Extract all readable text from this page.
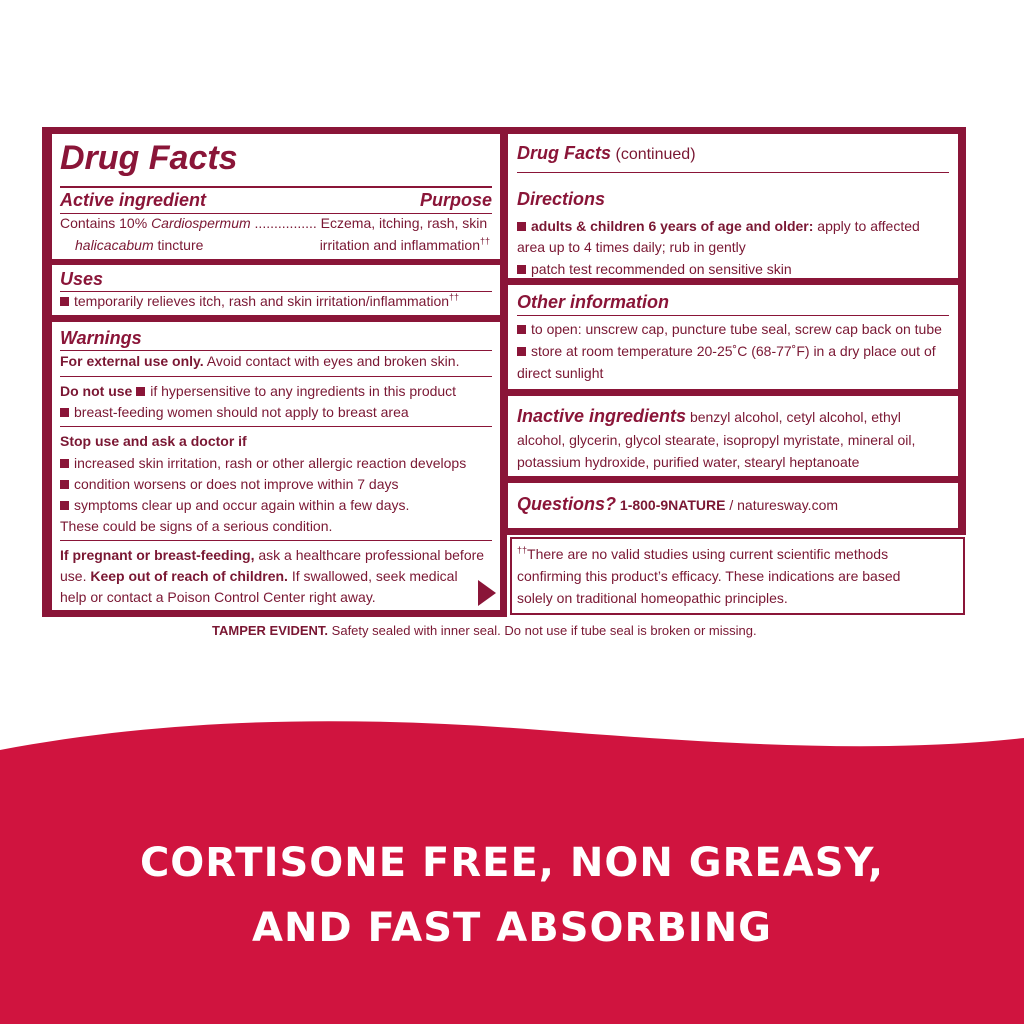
Drug Facts
Active ingredient	Purpose
Contains 10% Cardiospermum ................ Eczema, itching, rash, skin
halicacabum tincture	irritation and inflammation††
Uses
temporarily relieves itch, rash and skin irritation/inflammation††
Warnings
For external use only. Avoid contact with eyes and broken skin.
Do not use if hypersensitive to any ingredients in this product
breast-feeding women should not apply to breast area
Stop use and ask a doctor if
increased skin irritation, rash or other allergic reaction develops
condition worsens or does not improve within 7 days
symptoms clear up and occur again within a few days.
These could be signs of a serious condition.
If pregnant or breast-feeding, ask a healthcare professional before
use. Keep out of reach of children. If swallowed, seek medical
help or contact a Poison Control Center right away.
Drug Facts (continued)
Directions
adults & children 6 years of age and older: apply to affected
area up to 4 times daily; rub in gently
patch test recommended on sensitive skin
Other information
to open: unscrew cap, puncture tube seal, screw cap back on tube
store at room temperature 20-25˚C (68-77˚F) in a dry place out of
direct sunlight
Inactive ingredients benzyl alcohol, cetyl alcohol, ethyl
alcohol, glycerin, glycol stearate, isopropyl myristate, mineral oil,
potassium hydroxide, purified water, stearyl heptanoate
Questions? 1-800-9NATURE / naturesway.com
††There are no valid studies using current scientific methods
confirming this product’s efficacy. These indications are based
solely on traditional homeopathic principles.
TAMPER EVIDENT. Safety sealed with inner seal. Do not use if tube seal is broken or missing.
CORTISONE FREE, NON GREASY,
AND FAST ABSORBING
